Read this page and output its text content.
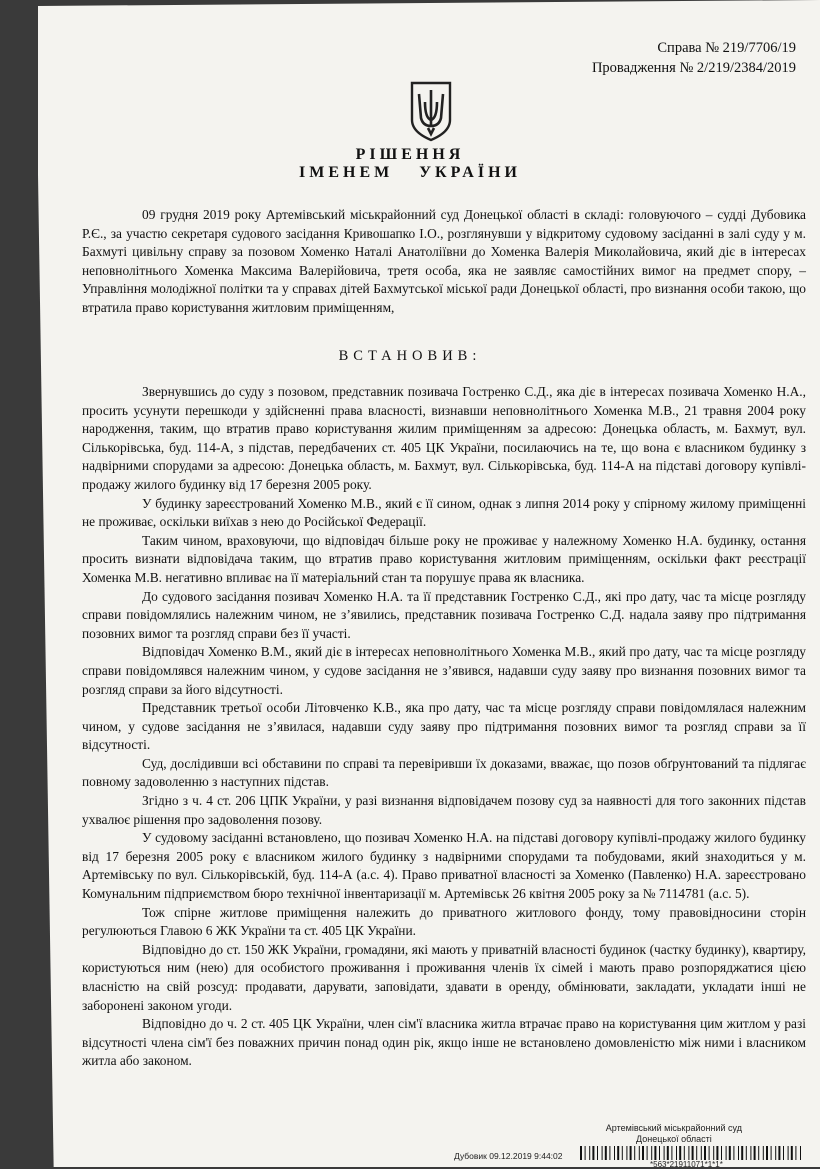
Справа № 219/7706/19
Провадження № 2/219/2384/2019
РІШЕННЯ
ІМЕНЕМ УКРАЇНИ

09 грудня 2019 року Артемівський міськрайонний суд Донецької області в складі: головуючого – судді Дубовика Р.Є., за участю секретаря судового засідання Кривошапко І.О., розглянувши у відкритому судовому засіданні в залі суду у м. Бахмуті цивільну справу за позовом Хоменко Наталі Анатоліївни до Хоменка Валерія Миколайовича, який діє в інтересах неповнолітнього Хоменка Максима Валерійовича, третя особа, яка не заявляє самостійних вимог на предмет спору, – Управління молодіжної політки та у справах дітей Бахмутської міської ради Донецької області, про визнання особи такою, що втратила право користування житловим приміщенням,

ВСТАНОВИВ:

Звернувшись до суду з позовом, представник позивача Гостренко С.Д., яка діє в інтересах позивача Хоменко Н.А., просить усунути перешкоди у здійсненні права власності, визнавши неповнолітнього Хоменка М.В., 21 травня 2004 року народження, таким, що втратив право користування жилим приміщенням за адресою: Донецька область, м. Бахмут, вул. Сількорівська, буд. 114-А, з підстав, передбачених ст. 405 ЦК України, посилаючись на те, що вона є власником будинку з надвірними спорудами за адресою: Донецька область, м. Бахмут, вул. Сількорівська, буд. 114-А на підставі договору купівлі-продажу жилого будинку від 17 березня 2005 року.

У будинку зареєстрований Хоменко М.В., який є її сином, однак з липня 2014 року у спірному жилому приміщенні не проживає, оскільки виїхав з нею до Російської Федерації.

Таким чином, враховуючи, що відповідач більше року не проживає у належному Хоменко Н.А. будинку, остання просить визнати відповідача таким, що втратив право користування житловим приміщенням, оскільки факт реєстрації Хоменка М.В. негативно впливає на її матеріальний стан та порушує права як власника.

До судового засідання позивач Хоменко Н.А. та її представник Гостренко С.Д., які про дату, час та місце розгляду справи повідомлялись належним чином, не з’явились, представник позивача Гостренко С.Д. надала заяву про підтримання позовних вимог та розгляд справи без її участі.

Відповідач Хоменко В.М., який діє в інтересах неповнолітнього Хоменка М.В., який про дату, час та місце розгляду справи повідомлявся належним чином, у судове засідання не з’явився, надавши суду заяву про визнання позовних вимог та розгляд справи за його відсутності.

Представник третьої особи Літовченко К.В., яка про дату, час та місце розгляду справи повідомлялася належним чином, у судове засідання не з’явилася, надавши суду заяву про підтримання позовних вимог та розгляд справи за її відсутності.

Суд, дослідивши всі обставини по справі та перевіривши їх доказами, вважає, що позов обґрунтований та підлягає повному задоволенню з наступних підстав.

Згідно з ч. 4 ст. 206 ЦПК України, у разі визнання відповідачем позову суд за наявності для того законних підстав ухвалює рішення про задоволення позову.

У судовому засіданні встановлено, що позивач Хоменко Н.А. на підставі договору купівлі-продажу жилого будинку від 17 березня 2005 року є власником жилого будинку з надвірними спорудами та побудовами, який знаходиться у м. Артемівську по вул. Сількорівській, буд. 114-А (а.с. 4). Право приватної власності за Хоменко (Павленко) Н.А. зареєстровано Комунальним підприємством бюро технічної інвентаризації м. Артемівськ 26 квітня 2005 року за № 7114781 (а.с. 5).

Тож спірне житлове приміщення належить до приватного житлового фонду, тому правовідносини сторін регулюються Главою 6 ЖК України та ст. 405 ЦК України.

Відповідно до ст. 150 ЖК України, громадяни, які мають у приватній власності будинок (частку будинку), квартиру, користуються ним (нею) для особистого проживання і проживання членів їх сімей і мають право розпоряджатися цією власністю на свій розсуд: продавати, дарувати, заповідати, здавати в оренду, обмінювати, закладати, укладати інші не заборонені законом угоди.

Відповідно до ч. 2 ст. 405 ЦК України, член сім'ї власника житла втрачає право на користування цим житлом у разі відсутності члена сім'ї без поважних причин понад один рік, якщо інше не встановлено домовленістю між ними і власником житла або законом.

Артемівський міськрайонний суд
Донецької області
Дубовик 09.12.2019 9:44:02
*563*21911071*1*1*
